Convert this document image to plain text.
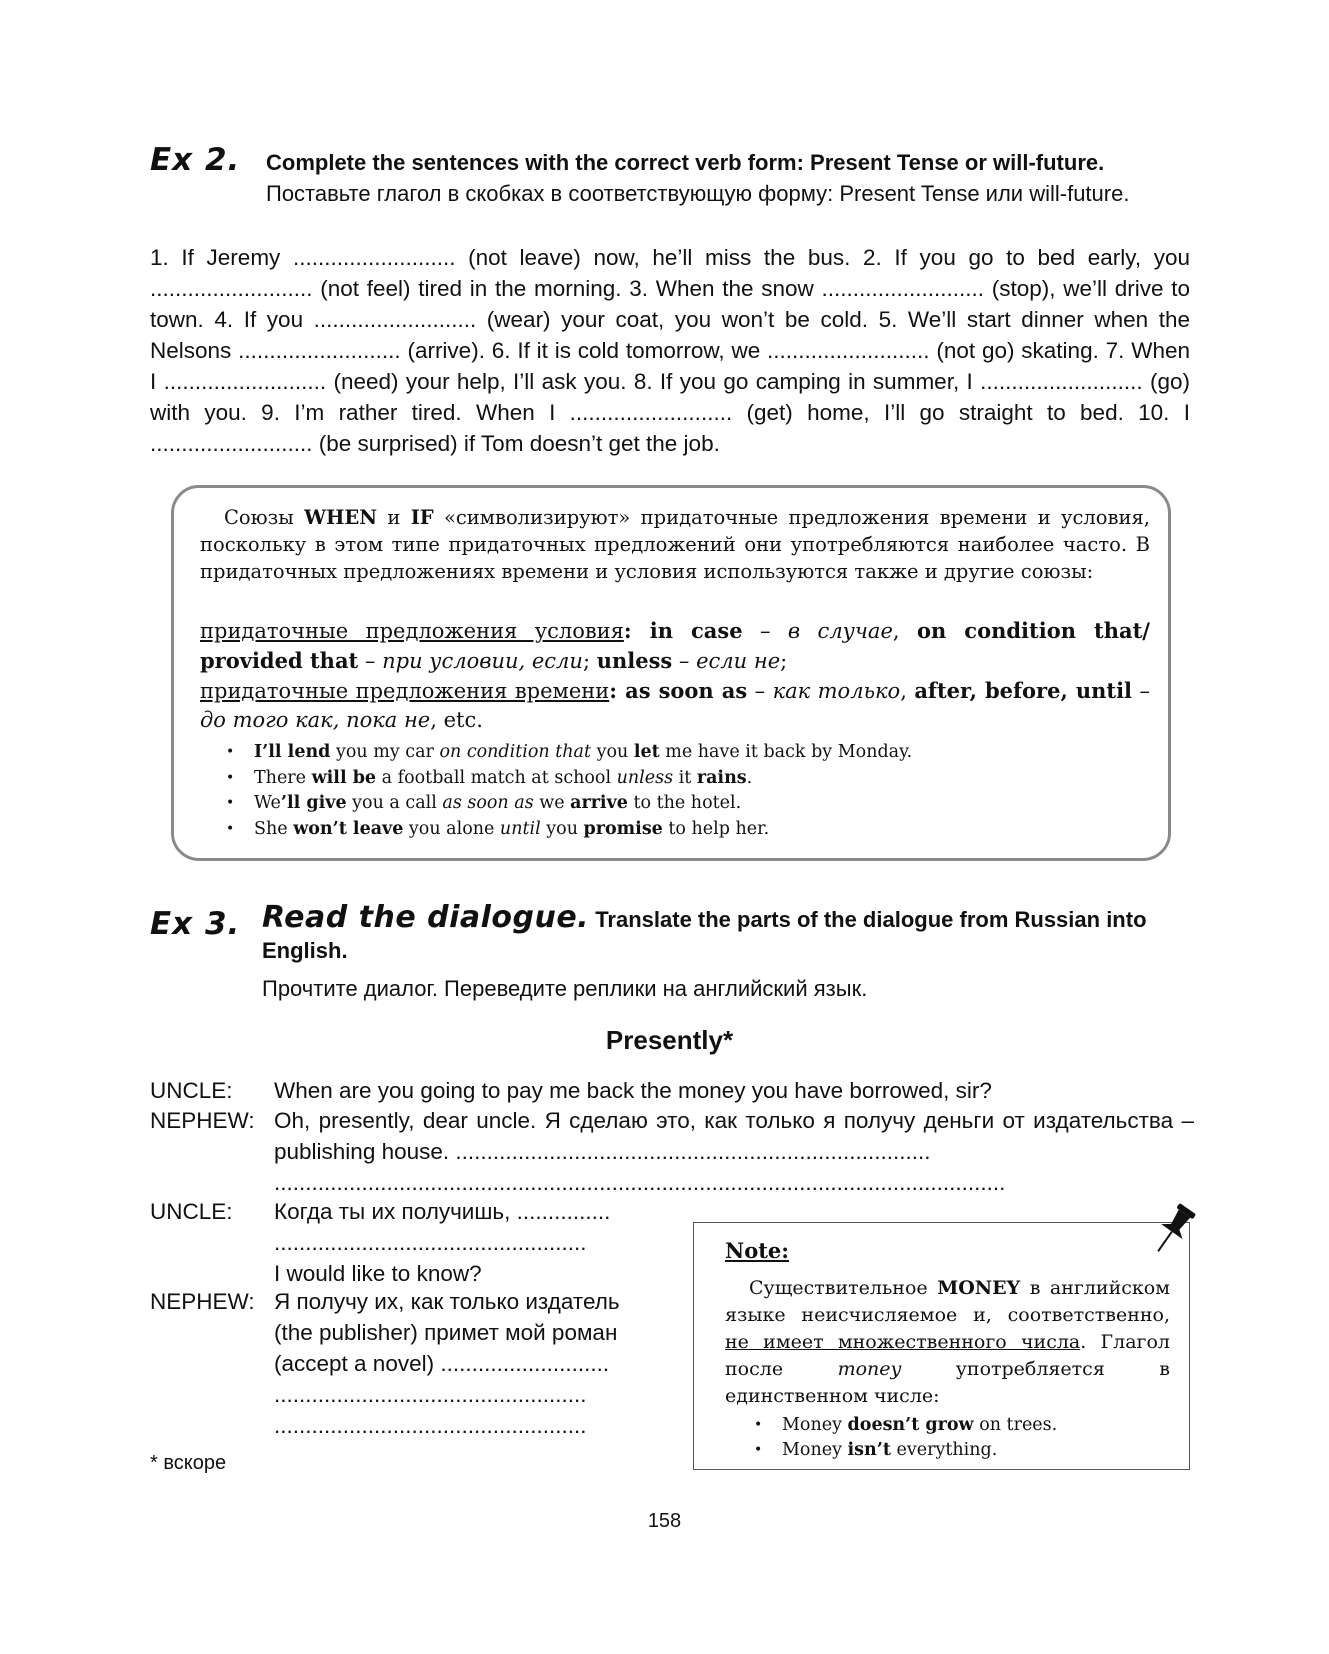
Ex 2. Complete the sentences with the correct verb form: Present Tense or will-future.
Поставьте глагол в скобках в соответствующую форму: Present Tense или will-future.
1. If Jeremy .......................... (not leave) now, he’ll miss the bus. 2. If you go to bed early, you .......................... (not feel) tired in the morning. 3. When the snow .......................... (stop), we’ll drive to town. 4. If you .......................... (wear) your coat, you won’t be cold. 5. We’ll start dinner when the Nelsons .......................... (arrive). 6. If it is cold tomorrow, we .......................... (not go) skating. 7. When I .......................... (need) your help, I’ll ask you. 8. If you go camping in summer, I .......................... (go) with you. 9. I’m rather tired. When I .......................... (get) home, I’ll go straight to bed. 10. I .......................... (be surprised) if Tom doesn’t get the job.
Союзы WHEN и IF «символизируют» придаточные предложения времени и условия, поскольку в этом типе придаточных предложений они употребляются наиболее часто. В придаточных предложениях времени и условия используются также и другие союзы:
придаточные предложения условия: in case – в случае, on condition that/ provided that – при условии, если; unless – если не;
придаточные предложения времени: as soon as – как только, after, before, until – до того как, пока не, etc.
• I’ll lend you my car on condition that you let me have it back by Monday.
• There will be a football match at school unless it rains.
• We’ll give you a call as soon as we arrive to the hotel.
• She won’t leave you alone until you promise to help her.
Ex 3. Read the dialogue. Translate the parts of the dialogue from Russian into English.
Прочтите диалог. Переведите реплики на английский язык.
Presently*
UNCLE: When are you going to pay me back the money you have borrowed, sir?
NEPHEW: Oh, presently, dear uncle. Я сделаю это, как только я получу деньги от издательства – publishing house. ............................................................................
.....................................................................................................................
UNCLE: Когда ты их получишь, ...............
..................................................
I would like to know?
NEPHEW: Я получу их, как только издатель (the publisher) примет мой роман (accept a novel) ...........................
..................................................
..................................................
* вскоре
Note:
Существительное MONEY в английском языке неисчисляемое и, соответственно, не имеет множественного числа. Глагол после money употребляется в единственном числе:
• Money doesn’t grow on trees.
• Money isn’t everything.
158
